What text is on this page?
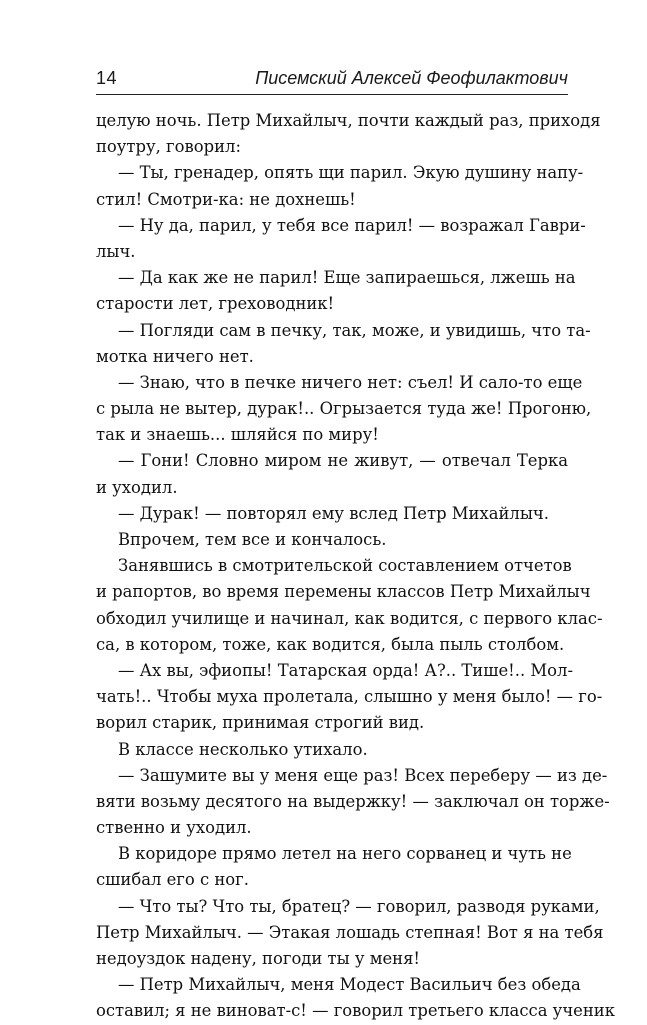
14	Писемский Алексей Феофилактович
целую ночь. Петр Михайлыч, почти каждый раз, приходя
поутру, говорил:
— Ты, гренадер, опять щи парил. Экую душину напу-
стил! Смотри-ка: не дохнешь!
— Ну да, парил, у тебя все парил! — возражал Гаври-
лыч.
— Да как же не парил! Еще запираешься, лжешь на
старости лет, греховодник!
— Погляди сам в печку, так, може, и увидишь, что та-
мотка ничего нет.
— Знаю, что в печке ничего нет: съел! И сало-то еще
с рыла не вытер, дурак!.. Огрызается туда же! Прогоню,
так и знаешь... шляйся по миру!
— Гони! Словно миром не живут, — отвечал Терка
и уходил.
— Дурак! — повторял ему вслед Петр Михайлыч.
Впрочем, тем все и кончалось.
Занявшись в смотрительской составлением отчетов
и рапортов, во время перемены классов Петр Михайлыч
обходил училище и начинал, как водится, с первого клас-
са, в котором, тоже, как водится, была пыль столбом.
— Ах вы, эфиопы! Татарская орда! А?.. Тише!.. Мол-
чать!.. Чтобы муха пролетала, слышно у меня было! — го-
ворил старик, принимая строгий вид.
В классе несколько утихало.
— Зашумите вы у меня еще раз! Всех переберу — из де-
вяти возьму десятого на выдержку! — заключал он торже-
ственно и уходил.
В коридоре прямо летел на него сорванец и чуть не
сшибал его с ног.
— Что ты? Что ты, братец? — говорил, разводя руками,
Петр Михайлыч. — Этакая лошадь степная! Вот я на тебя
недоуздок надену, погоди ты у меня!
— Петр Михайлыч, меня Модест Васильич без обеда
оставил; я не виноват-с! — говорил третьего класса ученик
